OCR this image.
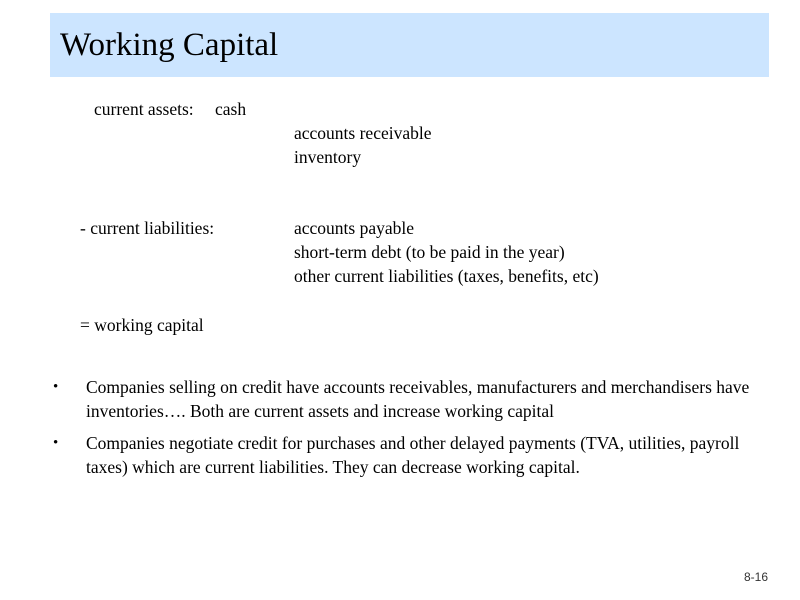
Working Capital
current assets: cash
accounts receivable
inventory
- current liabilities:	accounts payable
short-term debt (to be paid in the year)
other current liabilities (taxes, benefits, etc)
= working capital
• Companies selling on credit have accounts receivables, manufacturers and merchandisers have inventories…. Both are current assets and increase working capital
• Companies negotiate credit for purchases and other delayed payments (TVA, utilities, payroll taxes) which are current liabilities. They can decrease working capital.
8-16
